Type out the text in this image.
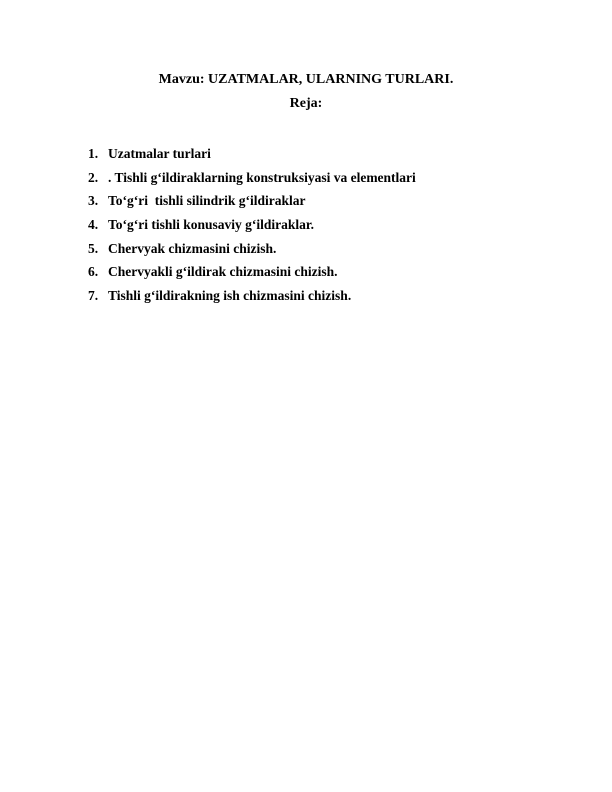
Mavzu: UZATMALAR, ULARNING TURLARI.
Reja:
1. Uzatmalar turlari
2. . Tishli g‘ildiraklarning konstruksiyasi va elementlari
3. To‘g‘ri  tishli silindrik g‘ildiraklar
4. To‘g‘ri tishli konusaviy g‘ildiraklar.
5. Chervyak chizmasini chizish.
6. Chervyakli g‘ildirak chizmasini chizish.
7. Tishli g‘ildirakning ish chizmasini chizish.
